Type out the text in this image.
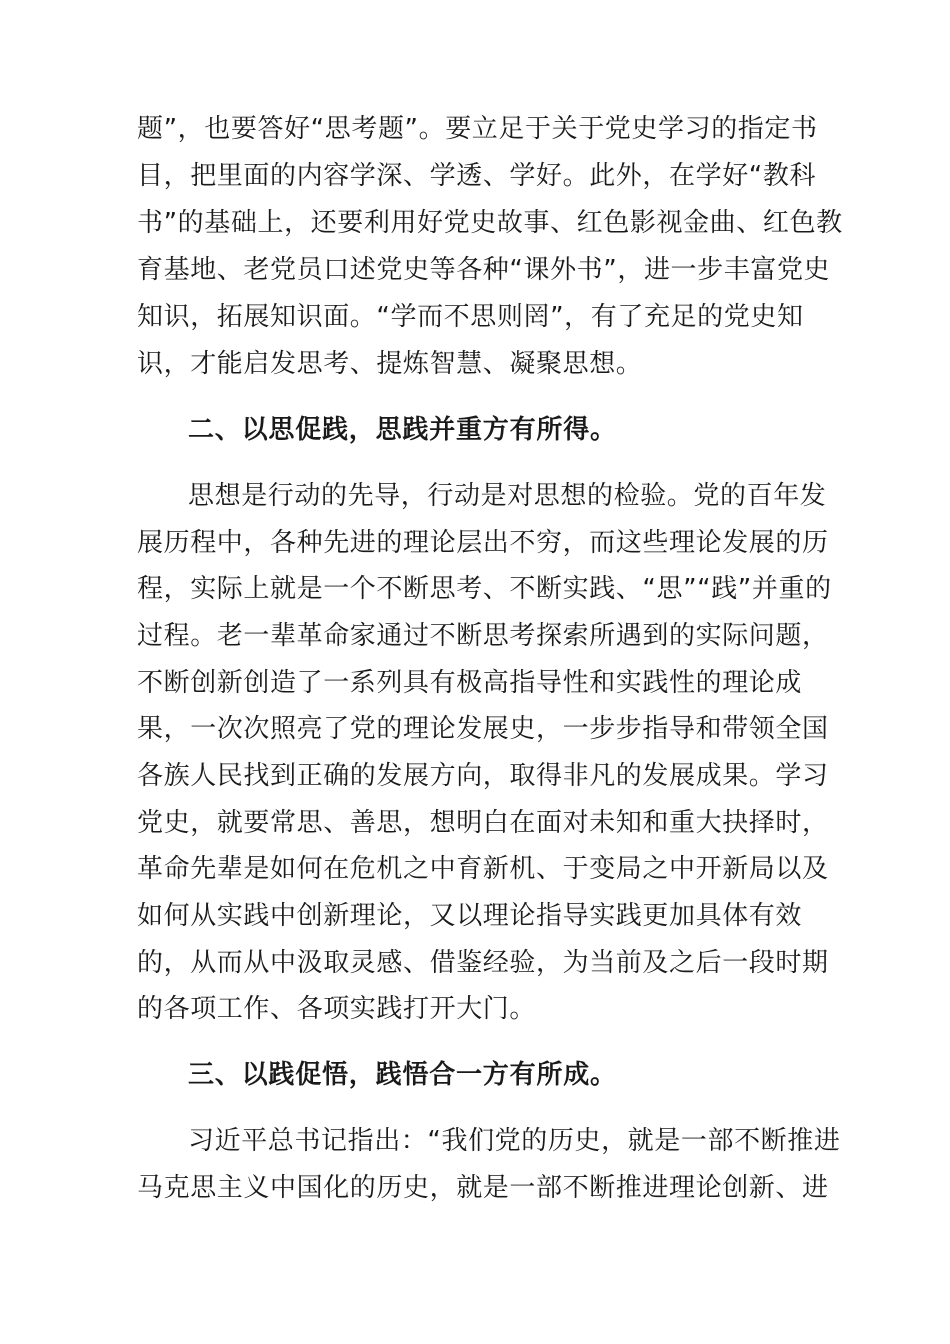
题”，也要答好“思考题”。要立足于关于党史学习的指定书
目，把里面的内容学深、学透、学好。此外，在学好“教科
书”的基础上，还要利用好党史故事、红色影视金曲、红色教
育基地、老党员口述党史等各种“课外书”，进一步丰富党史
知识，拓展知识面。“学而不思则罔”，有了充足的党史知
识，才能启发思考、提炼智慧、凝聚思想。
二、以思促践，思践并重方有所得。
思想是行动的先导，行动是对思想的检验。党的百年发
展历程中，各种先进的理论层出不穷，而这些理论发展的历
程，实际上就是一个不断思考、不断实践、“思”“践”并重的
过程。老一辈革命家通过不断思考探索所遇到的实际问题，
不断创新创造了一系列具有极高指导性和实践性的理论成
果，一次次照亮了党的理论发展史，一步步指导和带领全国
各族人民找到正确的发展方向，取得非凡的发展成果。学习
党史，就要常思、善思，想明白在面对未知和重大抉择时，
革命先辈是如何在危机之中育新机、于变局之中开新局以及
如何从实践中创新理论，又以理论指导实践更加具体有效
的，从而从中汲取灵感、借鉴经验，为当前及之后一段时期
的各项工作、各项实践打开大门。
三、以践促悟，践悟合一方有所成。
习近平总书记指出：“我们党的历史，就是一部不断推进
马克思主义中国化的历史，就是一部不断推进理论创新、进
